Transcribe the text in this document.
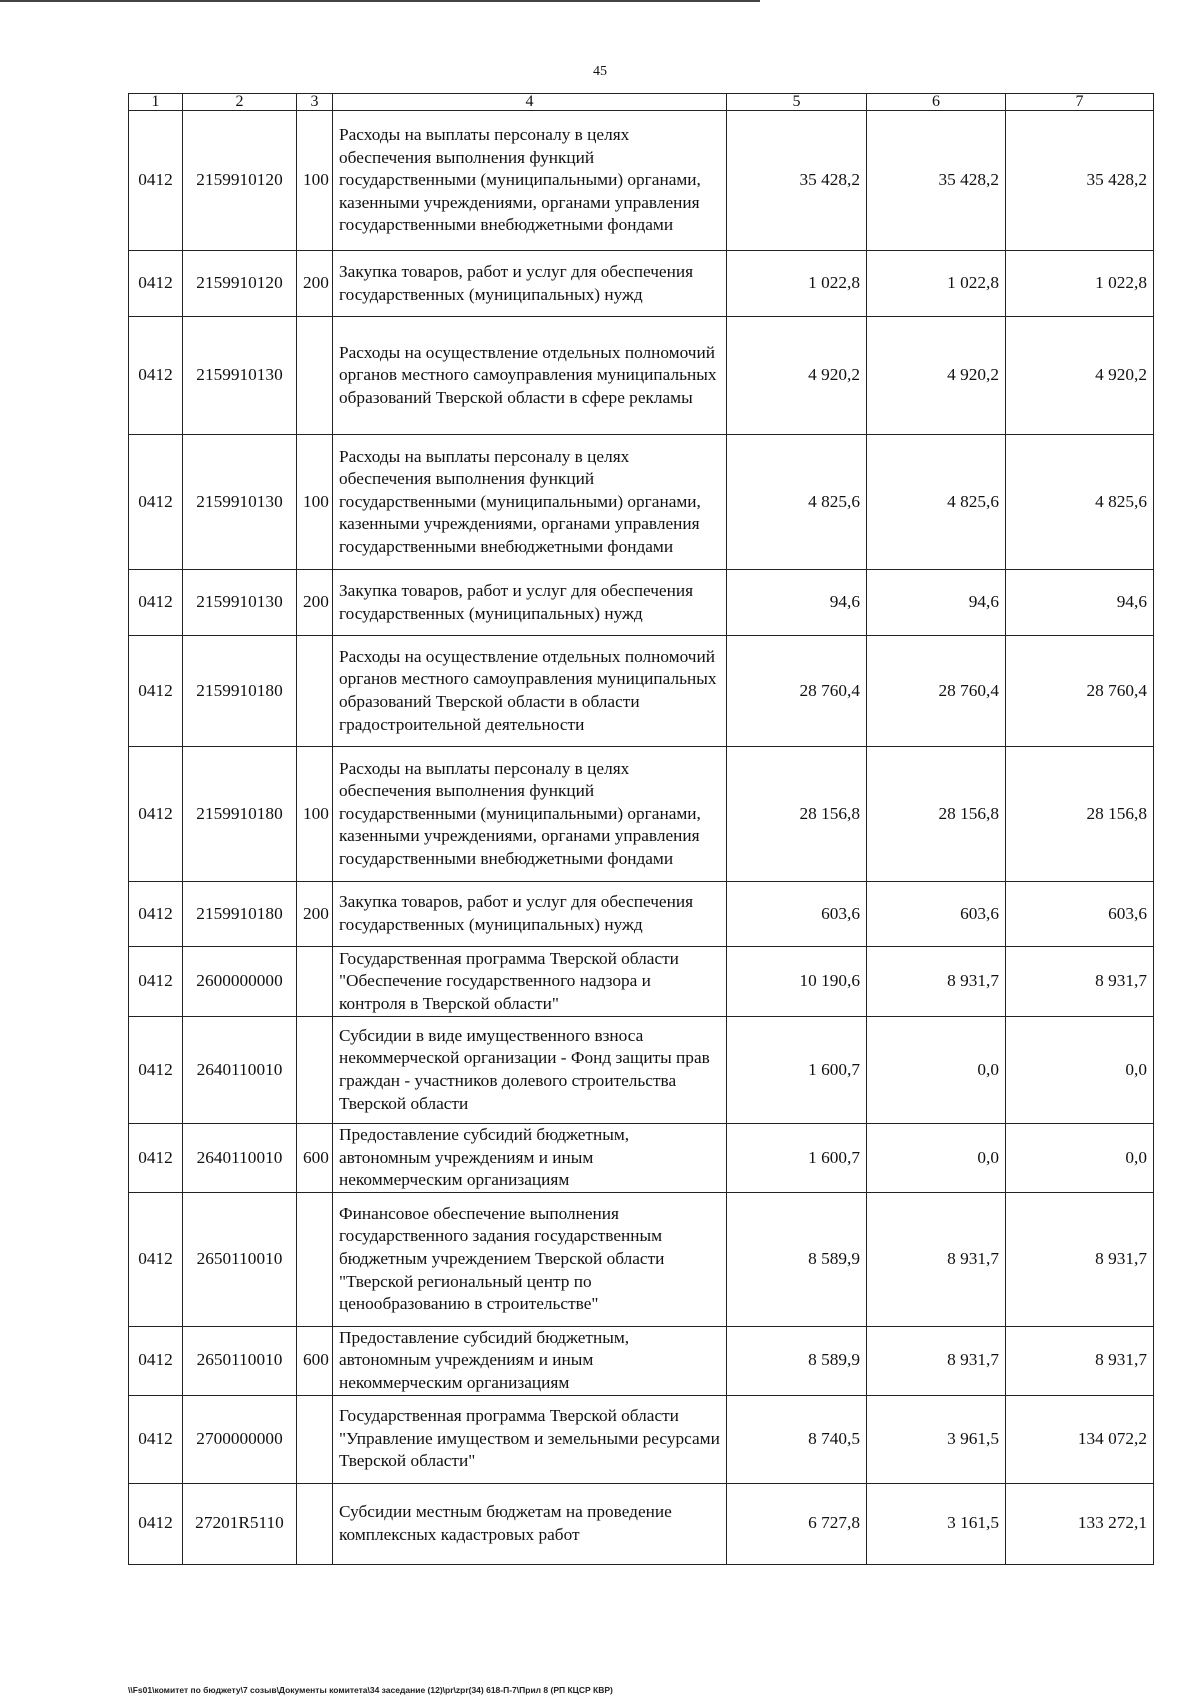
45
1	2	3	4	5	6	7
0412	2159910120	100	Расходы на выплаты персоналу в целях обеспечения выполнения функций государственными (муниципальными) органами, казенными учреждениями, органами управления государственными внебюджетными фондами	35 428,2	35 428,2	35 428,2
0412	2159910120	200	Закупка товаров, работ и услуг для обеспечения государственных (муниципальных) нужд	1 022,8	1 022,8	1 022,8
0412	2159910130		Расходы на осуществление отдельных полномочий органов местного самоуправления муниципальных образований Тверской области в сфере рекламы	4 920,2	4 920,2	4 920,2
0412	2159910130	100	Расходы на выплаты персоналу в целях обеспечения выполнения функций государственными (муниципальными) органами, казенными учреждениями, органами управления государственными внебюджетными фондами	4 825,6	4 825,6	4 825,6
0412	2159910130	200	Закупка товаров, работ и услуг для обеспечения государственных (муниципальных) нужд	94,6	94,6	94,6
0412	2159910180		Расходы на осуществление отдельных полномочий органов местного самоуправления муниципальных образований Тверской области в области градостроительной деятельности	28 760,4	28 760,4	28 760,4
0412	2159910180	100	Расходы на выплаты персоналу в целях обеспечения выполнения функций государственными (муниципальными) органами, казенными учреждениями, органами управления государственными внебюджетными фондами	28 156,8	28 156,8	28 156,8
0412	2159910180	200	Закупка товаров, работ и услуг для обеспечения государственных (муниципальных) нужд	603,6	603,6	603,6
0412	2600000000		Государственная программа Тверской области "Обеспечение государственного надзора и контроля в Тверской области"	10 190,6	8 931,7	8 931,7
0412	2640110010		Субсидии в виде имущественного взноса некоммерческой организации - Фонд защиты прав граждан - участников долевого строительства Тверской области	1 600,7	0,0	0,0
0412	2640110010	600	Предоставление субсидий бюджетным, автономным учреждениям и иным некоммерческим организациям	1 600,7	0,0	0,0
0412	2650110010		Финансовое обеспечение выполнения государственного задания государственным бюджетным учреждением Тверской области "Тверской региональный центр по ценообразованию в строительстве"	8 589,9	8 931,7	8 931,7
0412	2650110010	600	Предоставление субсидий бюджетным, автономным учреждениям и иным некоммерческим организациям	8 589,9	8 931,7	8 931,7
0412	2700000000		Государственная программа Тверской области "Управление имуществом и земельными ресурсами Тверской области"	8 740,5	3 961,5	134 072,2
0412	27201R5110		Субсидии местным бюджетам на проведение комплексных кадастровых работ	6 727,8	3 161,5	133 272,1
\\Fs01\комитет по бюджету\7 созыв\Документы комитета\34 заседание (12)\pr\zpr(34) 618-П-7\Прил 8 (РП КЦСР КВР)
